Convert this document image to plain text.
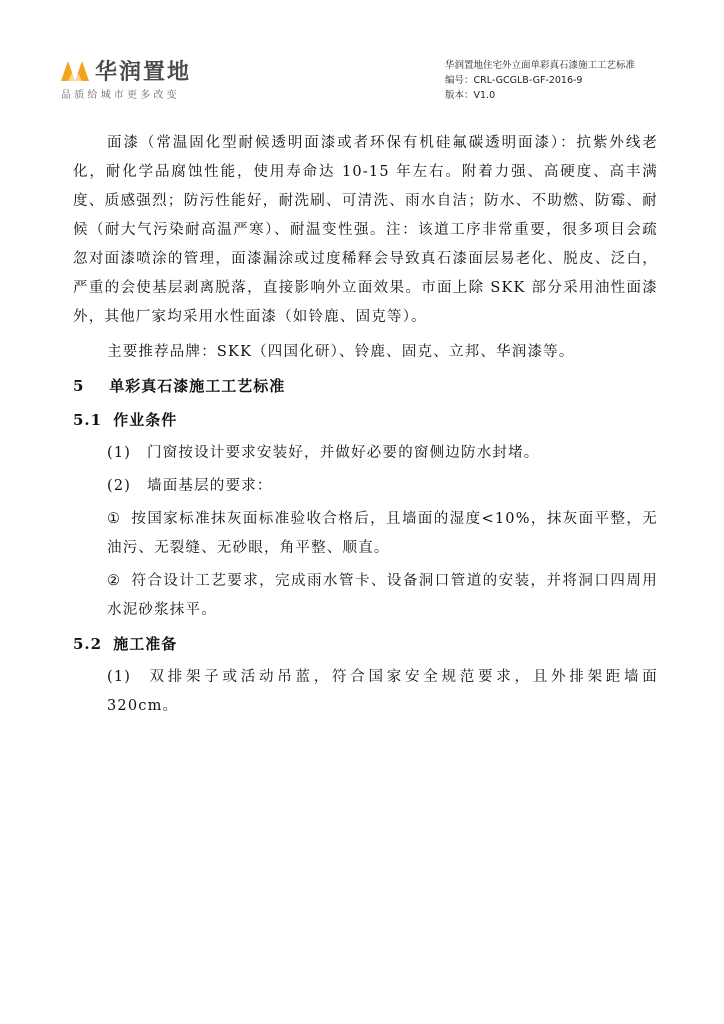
华润置地
品质给城市更多改变
华润置地住宅外立面单彩真石漆施工工艺标准
编号：CRL-GCGLB-GF-2016-9
版本：V1.0

面漆（常温固化型耐候透明面漆或者环保有机硅氟碳透明面漆）：抗紫外线老化，耐化学品腐蚀性能，使用寿命达 10-15 年左右。附着力强、高硬度、高丰满度、质感强烈；防污性能好，耐洗刷、可清洗、雨水自洁；防水、不助燃、防霉、耐候（耐大气污染耐高温严寒）、耐温变性强。注：该道工序非常重要，很多项目会疏忽对面漆喷涂的管理，面漆漏涂或过度稀释会导致真石漆面层易老化、脱皮、泛白，严重的会使基层剥离脱落，直接影响外立面效果。市面上除 SKK 部分采用油性面漆外，其他厂家均采用水性面漆（如铃鹿、固克等）。

主要推荐品牌：SKK（四国化研）、铃鹿、固克、立邦、华润漆等。

5 单彩真石漆施工工艺标准
5.1 作业条件
(1) 门窗按设计要求安装好，并做好必要的窗侧边防水封堵。
(2) 墙面基层的要求：
① 按国家标准抹灰面标准验收合格后，且墙面的湿度<10%，抹灰面平整，无油污、无裂缝、无砂眼，角平整、顺直。
② 符合设计工艺要求，完成雨水管卡、设备洞口管道的安装，并将洞口四周用水泥砂浆抹平。
5.2 施工准备
(1) 双排架子或活动吊蓝，符合国家安全规范要求，且外排架距墙面 320cm。
